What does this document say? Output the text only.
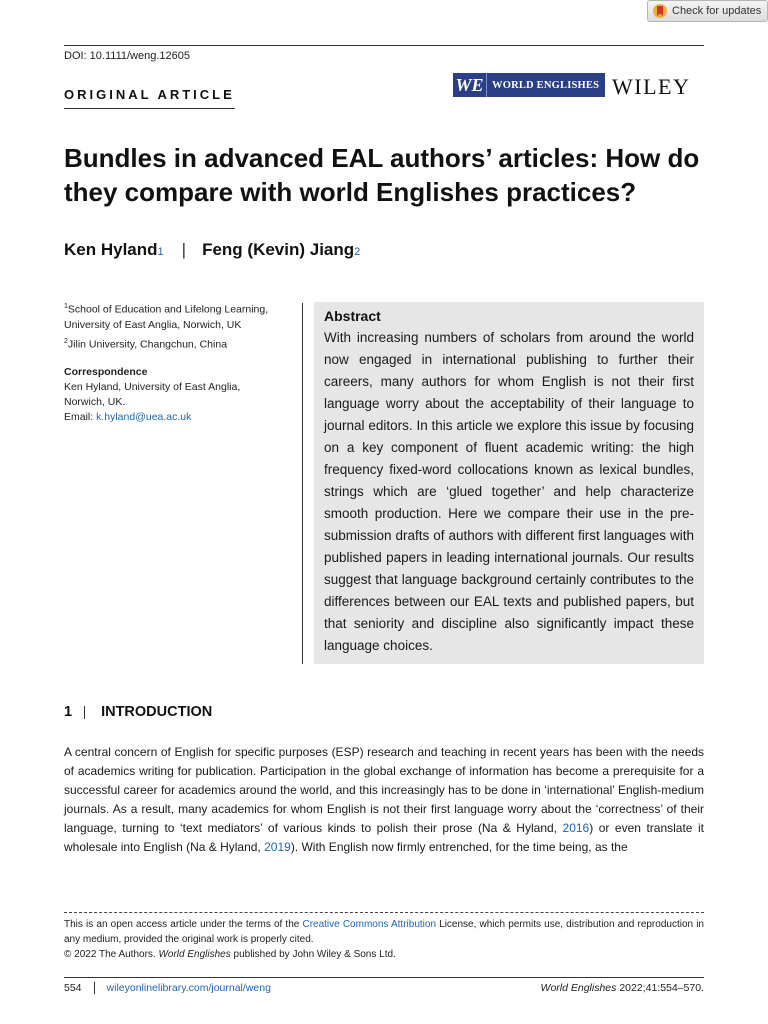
Check for updates
DOI: 10.1111/weng.12605
ORIGINAL ARTICLE	WE WORLD ENGLISHES WILEY
Bundles in advanced EAL authors’ articles: How do they compare with world Englishes practices?
Ken Hyland 1 | Feng (Kevin) Jiang 2
$^1$School of Education and Lifelong Learning, University of East Anglia, Norwich, UK
$^2$Jilin University, Changchun, China
Correspondence
Ken Hyland, University of East Anglia,
Norwich, UK.
Email: k.hyland@uea.ac.uk
Abstract

With increasing numbers of scholars from around the world now engaged in international publishing to further their careers, many authors for whom English is not their first language worry about the acceptability of their language to journal editors. In this article we explore this issue by focusing on a key component of fluent academic writing: the high frequency fixed-word collocations known as lexical bundles, strings which are ‘glued together’ and help characterize smooth production. Here we compare their use in the pre-submission drafts of authors with different first languages with published papers in leading international journals. Our results suggest that language background certainly contributes to the differences between our EAL texts and published papers, but that seniority and discipline also significantly impact these language choices.

1 INTRODUCTION

A central concern of English for specific purposes (ESP) research and teaching in recent years has been with the needs of academics writing for publication. Participation in the global exchange of information has become a prerequisite for a successful career for academics around the world, and this increasingly has to be done in ‘international’ English-medium journals. As a result, many academics for whom English is not their first language worry about the ‘correctness’ of their language, turning to ‘text mediators’ of various kinds to polish their prose (Na & Hyland, 2016) or even translate it wholesale into English (Na & Hyland, 2019). With English now firmly entrenched, for the time being, as the

This is an open access article under the terms of the Creative Commons Attribution License, which permits use, distribution and reproduction in any medium, provided the original work is properly cited.
© 2022 The Authors. World Englishes published by John Wiley & Sons Ltd.
554 wileyonlinelibrary.com/journal/weng	World Englishes 2022;41:554–570.
